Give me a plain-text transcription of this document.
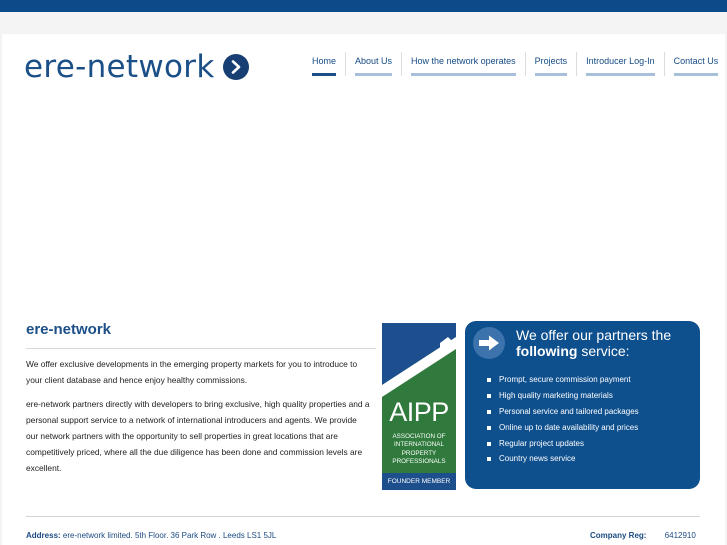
ere-network	Home	About Us	How the network operates	Projects	Introducer Log-In	Contact Us
ere-network

We offer exclusive developments in the emerging property markets for you to introduce to your client database and hence enjoy healthy commissions.

ere-network partners directly with developers to bring exclusive, high quality properties and a personal support service to a network of international introducers and agents. We provide our network partners with the opportunity to sell properties in great locations that are competitively priced, where all the due diligence has been done and commission levels are excellent.

AIPP
ASSOCIATION OF
INTERNATIONAL
PROPERTY
PROFESSIONALS
FOUNDER MEMBER
We offer our partners the
following service:
Prompt, secure commission payment
High quality marketing materials
Personal service and tailored packages
Online up to date availability and prices
Regular project updates
Country news service
Address: ere-network limited. 5th Floor. 36 Park Row . Leeds LS1 5JL	Company Reg: 6412910
